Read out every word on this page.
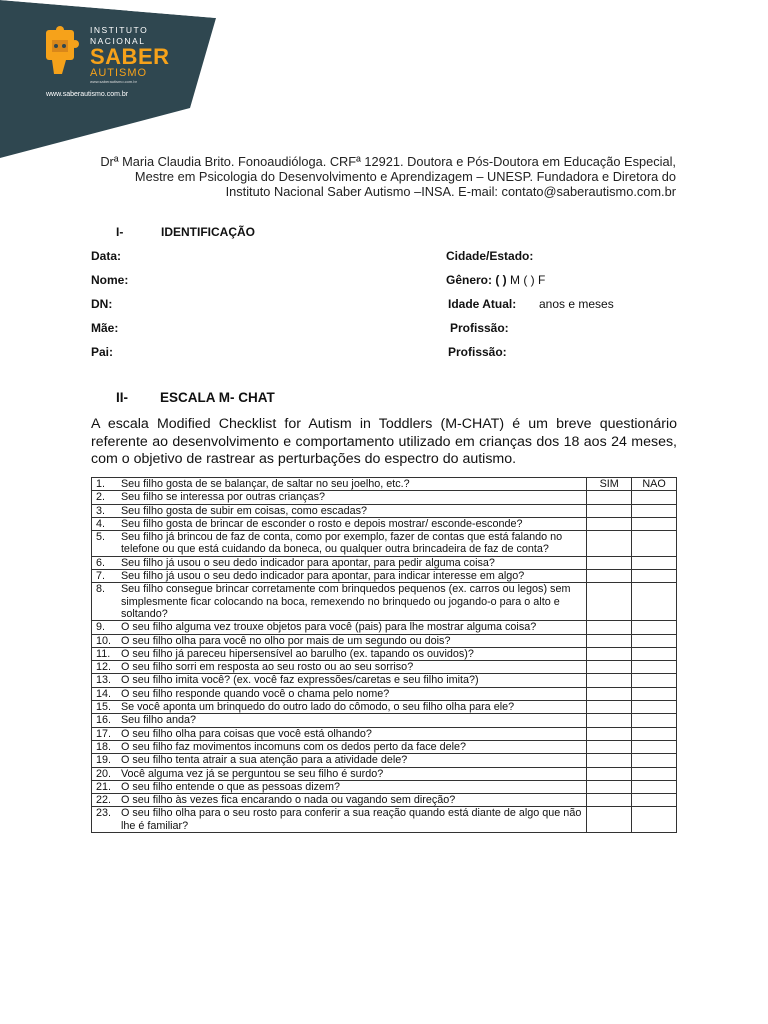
INSTITUTO
NACIONAL
SABER
AUTISMO
www.saberautismo.com.br
www.saberautismo.com.br
Drª Maria Claudia Brito. Fonoaudióloga. CRFª 12921. Doutora e Pós-Doutora em Educação Especial,
Mestre em Psicologia do Desenvolvimento e Aprendizagem – UNESP. Fundadora e Diretora do
Instituto Nacional Saber Autismo –INSA. E-mail: contato@saberautismo.com.br
I-	IDENTIFICAÇÃO
Data:	Cidade/Estado:
Nome:	Gênero: ( ) M ( ) F
DN:	Idade Atual: anos e meses
Mãe:	Profissão:
Pai:	Profissão:
II- ESCALA M- CHAT
A escala Modified Checklist for Autism in Toddlers (M-CHAT) é um breve questionário referente ao desenvolvimento e comportamento utilizado em crianças dos 18 aos 24 meses, com o objetivo de rastrear as perturbações do espectro do autismo.
1.	Seu filho gosta de se balançar, de saltar no seu joelho, etc.?	SIM	NAO
2.	Seu filho se interessa por outras crianças?		
3.	Seu filho gosta de subir em coisas, como escadas?		
4.	Seu filho gosta de brincar de esconder o rosto e depois mostrar/ esconde-esconde?		
5.	Seu filho já brincou de faz de conta, como por exemplo, fazer de contas que está falando no telefone ou que está cuidando da boneca, ou qualquer outra brincadeira de faz de conta?		
6.	Seu filho já usou o seu dedo indicador para apontar, para pedir alguma coisa?		
7.	Seu filho já usou o seu dedo indicador para apontar, para indicar interesse em algo?		
8.	Seu filho consegue brincar corretamente com brinquedos pequenos (ex. carros ou legos) sem simplesmente ficar colocando na boca, remexendo no brinquedo ou jogando-o para o alto e soltando?		
9.	O seu filho alguma vez trouxe objetos para você (pais) para lhe mostrar alguma coisa?		
10.	O seu filho olha para você no olho por mais de um segundo ou dois?		
11.	O seu filho já pareceu hipersensível ao barulho (ex. tapando os ouvidos)?		
12.	O seu filho sorri em resposta ao seu rosto ou ao seu sorriso?		
13.	O seu filho imita você? (ex. você faz expressões/caretas e seu filho imita?)		
14.	O seu filho responde quando você o chama pelo nome?		
15.	Se você aponta um brinquedo do outro lado do cômodo, o seu filho olha para ele?		
16.	Seu filho anda?		
17.	O seu filho olha para coisas que você está olhando?		
18.	O seu filho faz movimentos incomuns com os dedos perto da face dele?		
19.	O seu filho tenta atrair a sua atenção para a atividade dele?		
20.	Você alguma vez já se perguntou se seu filho é surdo?		
21.	O seu filho entende o que as pessoas dizem?		
22.	O seu filho às vezes fica encarando o nada ou vagando sem direção?		
23.	O seu filho olha para o seu rosto para conferir a sua reação quando está diante de algo que não lhe é familiar?		
